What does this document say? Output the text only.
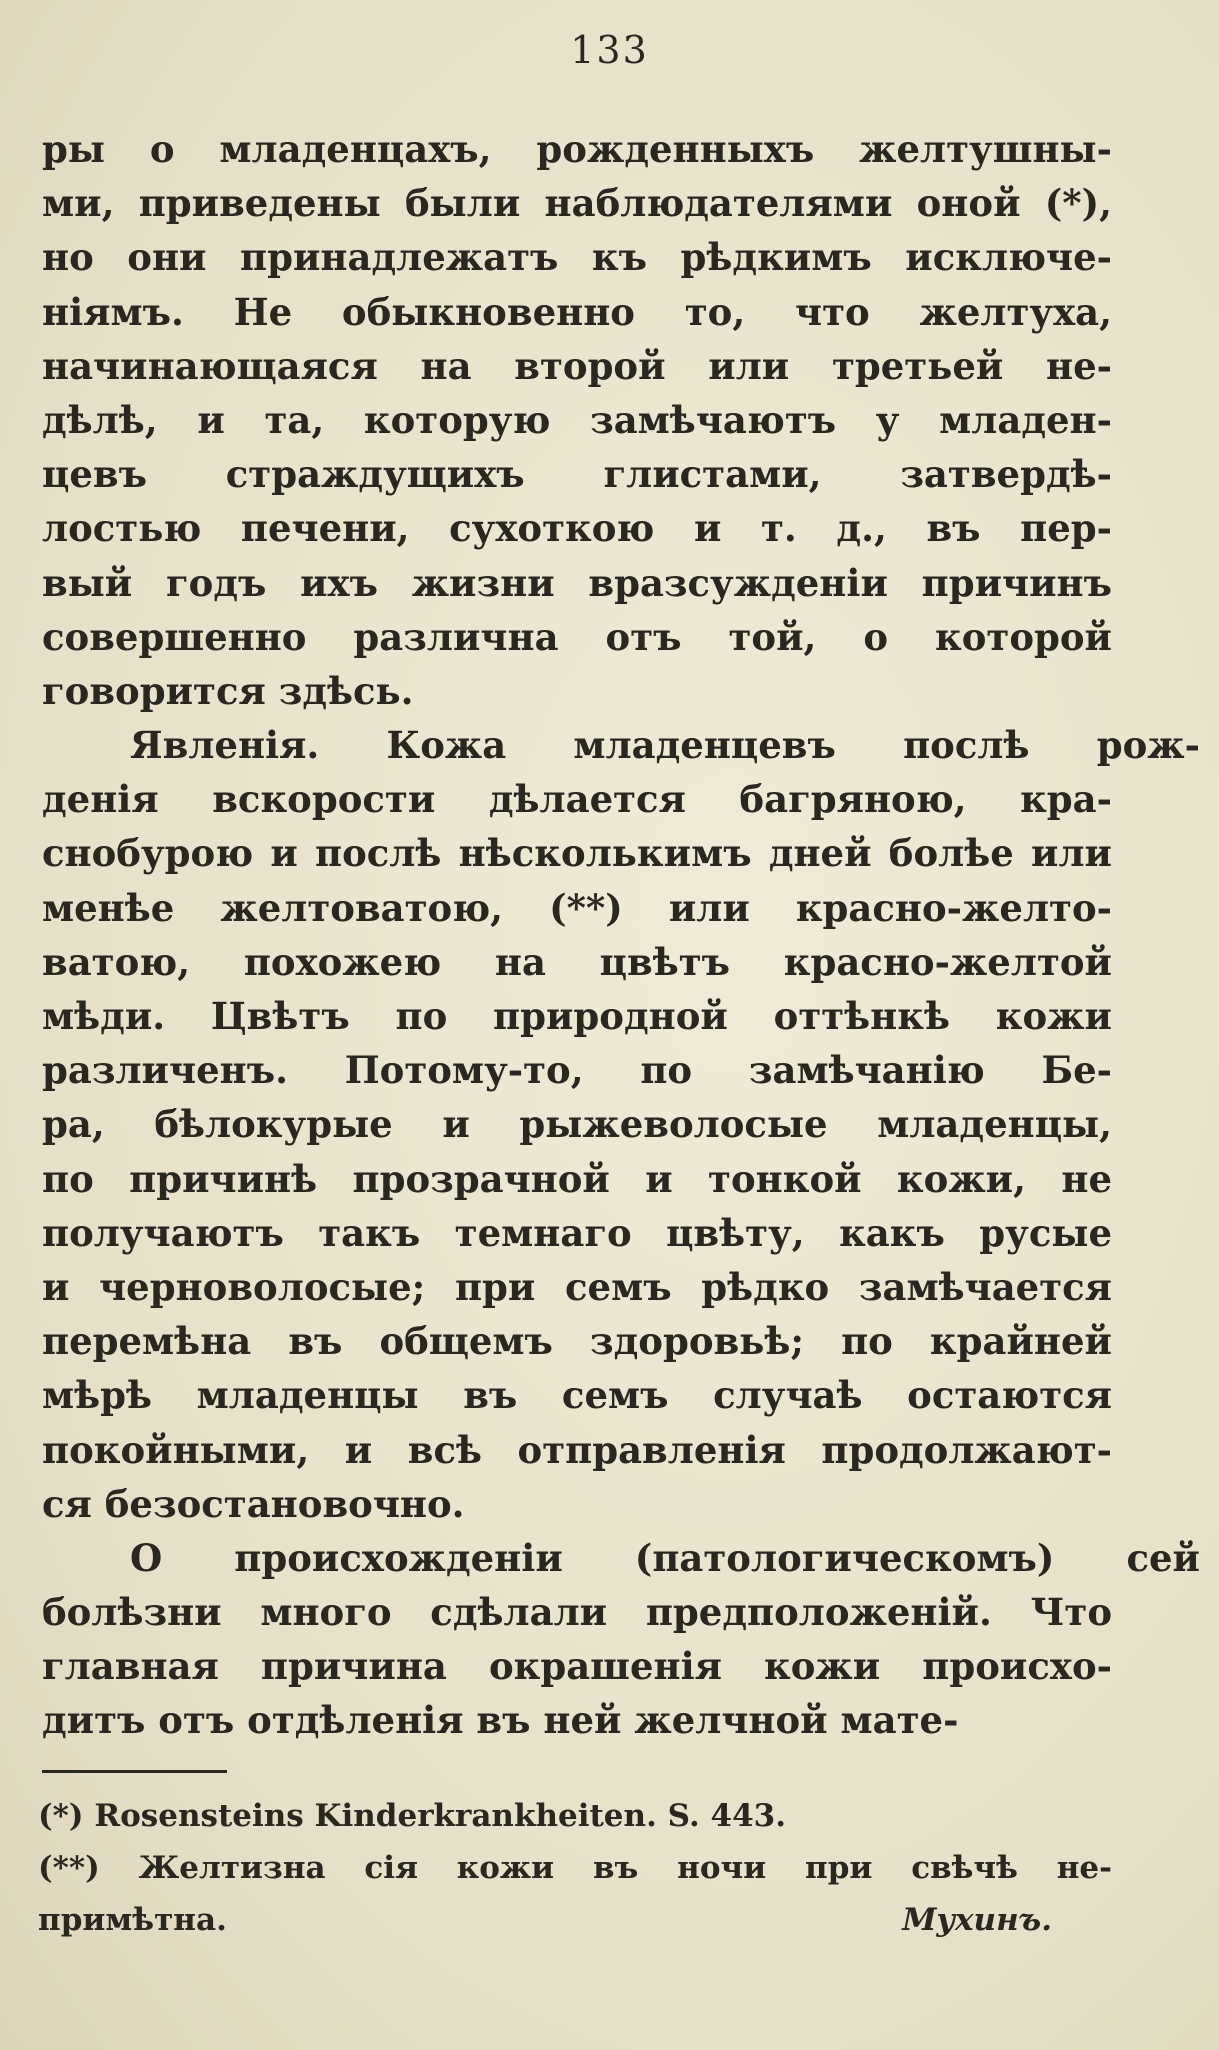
133
ры о младенцахъ, рожденныхъ желтушны-
ми, приведены были наблюдателями оной (*),
но они принадлежатъ къ рѣдкимъ исключе-
ніямъ. Не обыкновенно то, что желтуха,
начинающаяся на второй или третьей не-
дѣлѣ, и та, которую замѣчаютъ у младен-
цевъ страждущихъ глистами, затвердѣ-
лостью печени, сухоткою и т. д., въ пер-
вый годъ ихъ жизни вразсужденіи причинъ
совершенно различна отъ той, о которой
говорится здѣсь.
Явленія. Кожа младенцевъ послѣ рож-
денія вскорости дѣлается багряною, кра-
снобурою и послѣ нѣсколькимъ дней болѣе или
менѣе желтоватою, (**) или красно-желто-
ватою, похожею на цвѣтъ красно-желтой
мѣди. Цвѣтъ по природной оттѣнкѣ кожи
различенъ. Потому-то, по замѣчанію Бе-
ра, бѣлокурые и рыжеволосые младенцы,
по причинѣ прозрачной и тонкой кожи, не
получаютъ такъ темнаго цвѣту, какъ русые
и черноволосые; при семъ рѣдко замѣчается
перемѣна въ общемъ здоровьѣ; по крайней
мѣрѣ младенцы въ семъ случаѣ остаются
покойными, и всѣ отправленія продолжают-
ся безостановочно.
О происхожденіи (патологическомъ) сей
болѣзни много сдѣлали предположеній. Что
главная причина окрашенія кожи происхо-
дитъ отъ отдѣленія въ ней желчной мате-
(*) Rosensteins Kinderkrankheiten. S. 443.
(**) Желтизна сія кожи въ ночи при свѣчѣ не-
примѣтна.	Мухинъ.
